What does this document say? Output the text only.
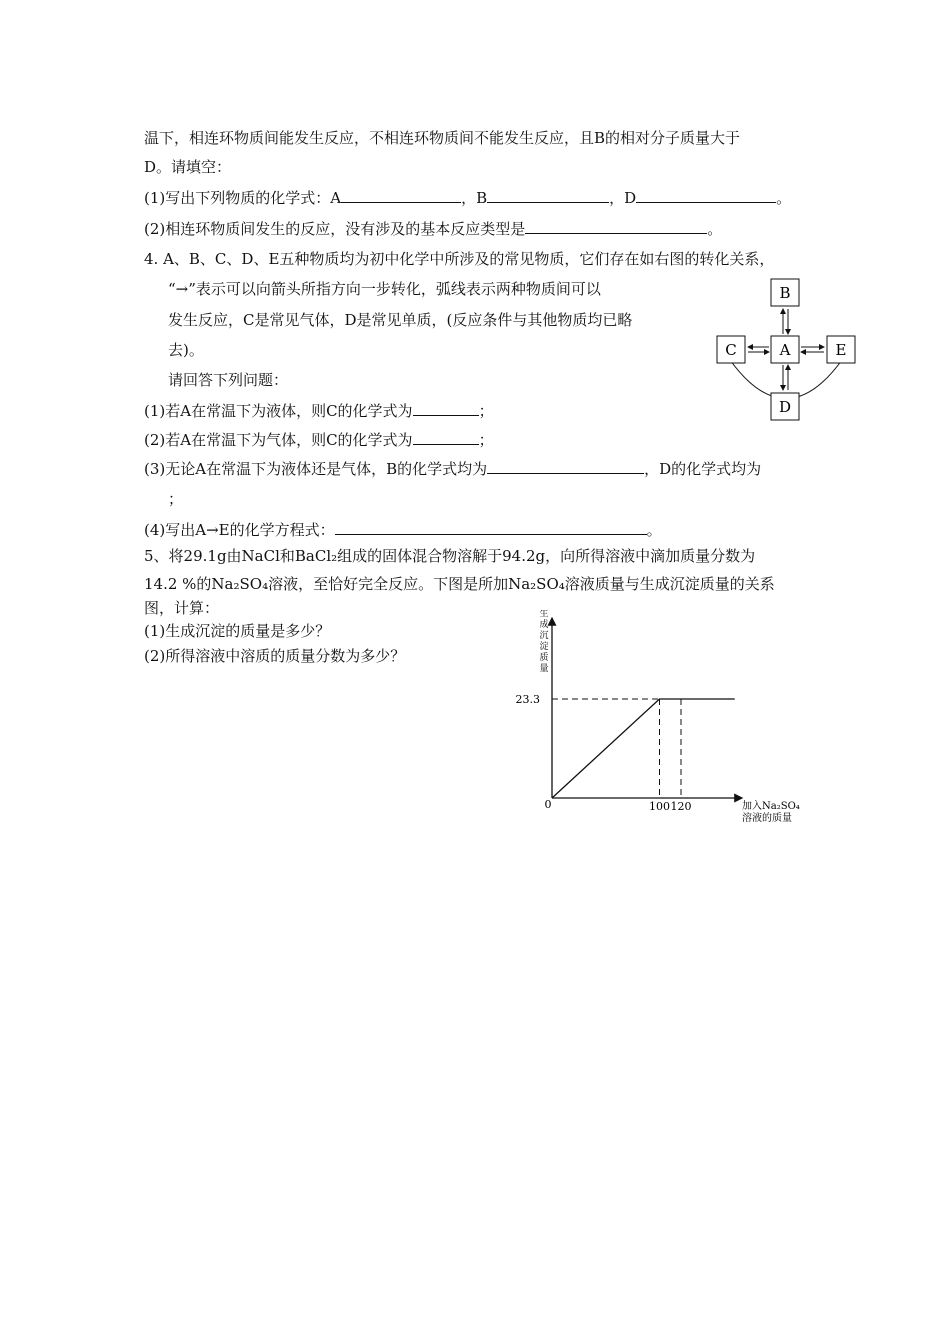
温下，相连环物质间能发生反应，不相连环物质间不能发生反应，且B的相对分子质量大于
D。请填空：
(1)写出下列物质的化学式：A	，B	，D	。
(2)相连环物质间发生的反应，没有涉及的基本反应类型是	。
4. A、B、C、D、E五种物质均为初中化学中所涉及的常见物质，它们存在如右图的转化关系，
“→”表示可以向箭头所指方向一步转化，弧线表示两种物质间可以
发生反应，C是常见气体，D是常见单质，(反应条件与其他物质均已略
去)。
请回答下列问题：
(1)若A在常温下为液体，则C的化学式为	；
(2)若A在常温下为气体，则C的化学式为	；
(3)无论A在常温下为液体还是气体，B的化学式均为	，D的化学式均为
；
(4)写出A→E的化学方程式：	。
B
C	A	E
D
5、将29.1g由NaCl和BaCl₂组成的固体混合物溶解于94.2g，向所得溶液中滴加质量分数为
14.2 %的Na₂SO₄溶液，至恰好完全反应。下图是所加Na₂SO₄溶液质量与生成沉淀质量的关系
图，计算：
(1)生成沉淀的质量是多少？
(2)所得溶液中溶质的质量分数为多少？
生
成
沉
淀
质
量
加入Na₂SO₄
溶液的质量
0
23.3
100 120
